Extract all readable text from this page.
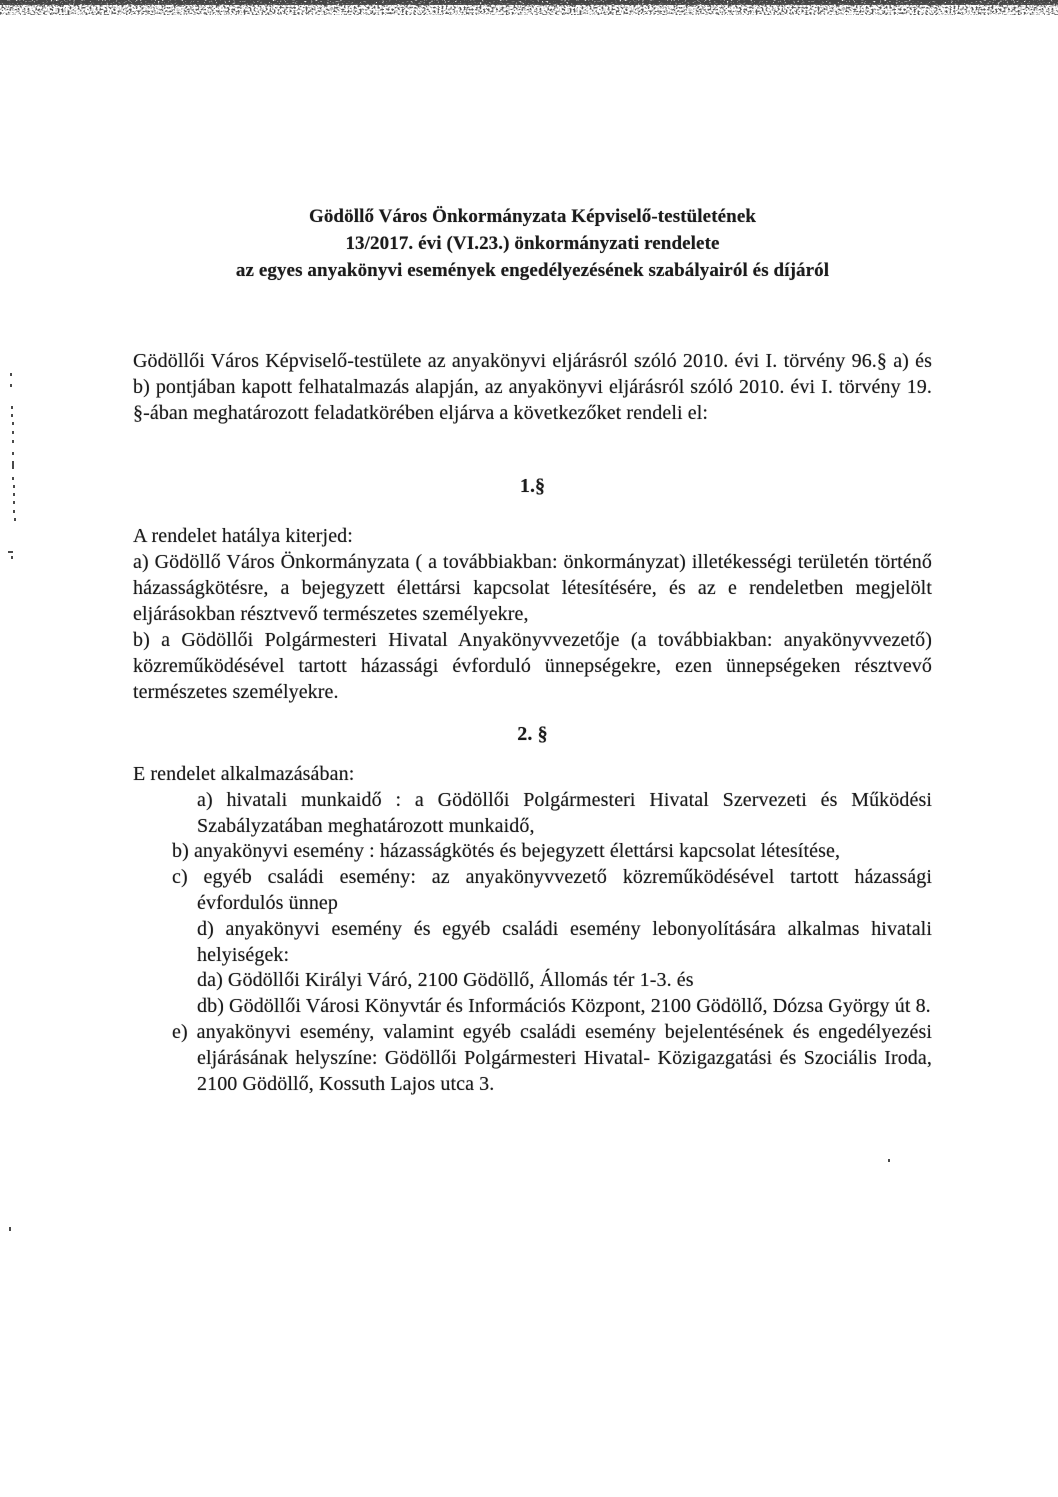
Gödöllő Város Önkormányzata Képviselő-testületének
13/2017. évi (VI.23.) önkormányzati rendelete
az egyes anyakönyvi események engedélyezésének szabályairól és díjáról
Gödöllői Város Képviselő-testülete az anyakönyvi eljárásról szóló 2010. évi I. törvény 96.§ a) és b) pontjában kapott felhatalmazás alapján, az anyakönyvi eljárásról szóló 2010. évi I. törvény 19. §-ában meghatározott feladatkörében eljárva a következőket rendeli el:
1.§
A rendelet hatálya kiterjed:
a) Gödöllő Város Önkormányzata ( a továbbiakban: önkormányzat) illetékességi területén történő házasságkötésre, a bejegyzett élettársi kapcsolat létesítésére, és az e rendeletben megjelölt eljárásokban résztvevő természetes személyekre,
b) a Gödöllői Polgármesteri Hivatal Anyakönyvvezetője (a továbbiakban: anyakönyvvezető) közreműködésével tartott házassági évforduló ünnepségekre, ezen ünnepségeken résztvevő természetes személyekre.
2. §
E rendelet alkalmazásában:
a) hivatali munkaidő : a Gödöllői Polgármesteri Hivatal Szervezeti és Működési Szabályzatában meghatározott munkaidő,
b) anyakönyvi esemény : házasságkötés és bejegyzett élettársi kapcsolat létesítése,
c) egyéb családi esemény: az anyakönyvvezető közreműködésével tartott házassági évfordulós ünnep
d) anyakönyvi esemény és egyéb családi esemény lebonyolítására alkalmas hivatali helyiségek:
da) Gödöllői Királyi Váró, 2100 Gödöllő, Állomás tér 1-3. és
db) Gödöllői Városi Könyvtár és Információs Központ, 2100 Gödöllő, Dózsa György út 8.
e) anyakönyvi esemény, valamint egyéb családi esemény bejelentésének és engedélyezési eljárásának helyszíne: Gödöllői Polgármesteri Hivatal- Közigazgatási és Szociális Iroda, 2100 Gödöllő, Kossuth Lajos utca 3.
